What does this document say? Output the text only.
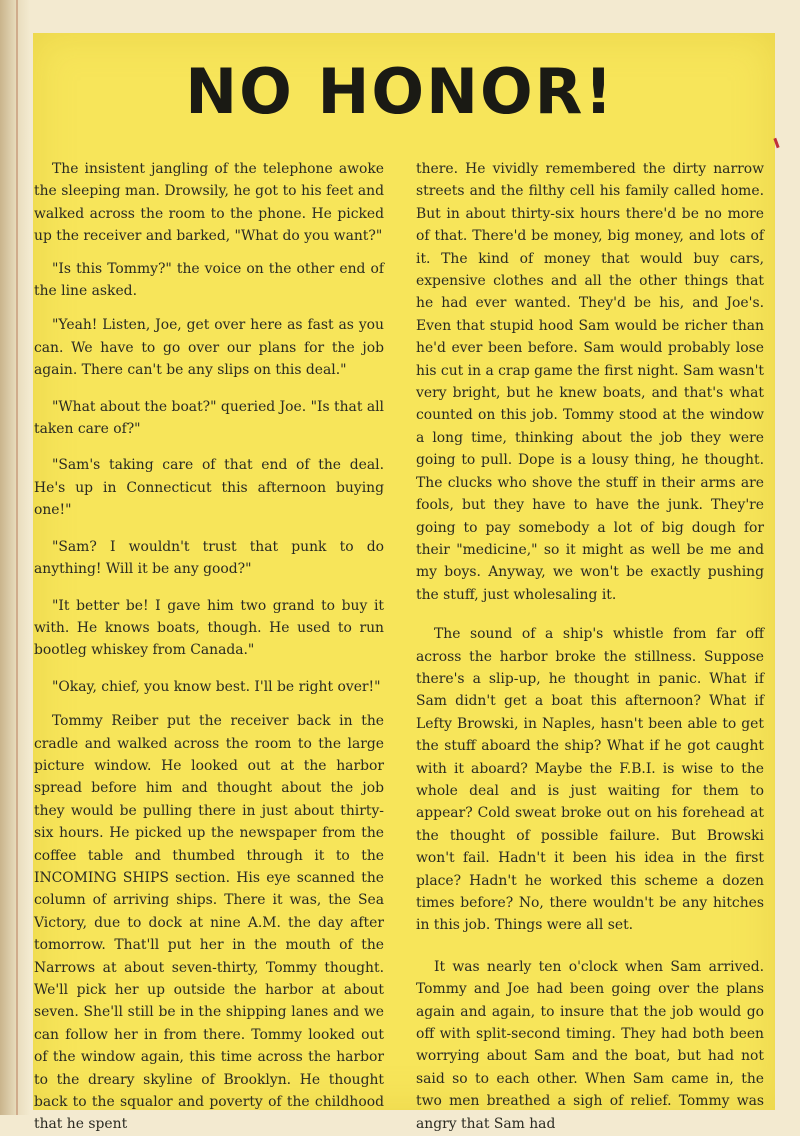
NO HONOR!

The insistent jangling of the telephone awoke the sleeping man. Drowsily, he got to his feet and walked across the room to the phone. He picked up the receiver and barked, "What do you want?"

"Is this Tommy?" the voice on the other end of the line asked.

"Yeah! Listen, Joe, get over here as fast as you can. We have to go over our plans for the job again. There can't be any slips on this deal."

"What about the boat?" queried Joe. "Is that all taken care of?"

"Sam's taking care of that end of the deal. He's up in Connecticut this afternoon buying one!"

"Sam? I wouldn't trust that punk to do anything! Will it be any good?"

"It better be! I gave him two grand to buy it with. He knows boats, though. He used to run bootleg whiskey from Canada."

"Okay, chief, you know best. I'll be right over!"

Tommy Reiber put the receiver back in the cradle and walked across the room to the large picture window. He looked out at the harbor spread before him and thought about the job they would be pulling there in just about thirty-six hours. He picked up the newspaper from the coffee table and thumbed through it to the INCOMING SHIPS section. His eye scanned the column of arriving ships. There it was, the Sea Victory, due to dock at nine A.M. the day after tomorrow. That'll put her in the mouth of the Narrows at about seven-thirty, Tommy thought. We'll pick her up outside the harbor at about seven. She'll still be in the shipping lanes and we can follow her in from there. Tommy looked out of the window again, this time across the harbor to the dreary skyline of Brooklyn. He thought back to the squalor and poverty of the childhood that he spent

there. He vividly remembered the dirty narrow streets and the filthy cell his family called home. But in about thirty-six hours there'd be no more of that. There'd be money, big money, and lots of it. The kind of money that would buy cars, expensive clothes and all the other things that he had ever wanted. They'd be his, and Joe's. Even that stupid hood Sam would be richer than he'd ever been before. Sam would probably lose his cut in a crap game the first night. Sam wasn't very bright, but he knew boats, and that's what counted on this job. Tommy stood at the window a long time, thinking about the job they were going to pull. Dope is a lousy thing, he thought. The clucks who shove the stuff in their arms are fools, but they have to have the junk. They're going to pay somebody a lot of big dough for their "medicine," so it might as well be me and my boys. Anyway, we won't be exactly pushing the stuff, just wholesaling it.

The sound of a ship's whistle from far off across the harbor broke the stillness. Suppose there's a slip-up, he thought in panic. What if Sam didn't get a boat this afternoon? What if Lefty Browski, in Naples, hasn't been able to get the stuff aboard the ship? What if he got caught with it aboard? Maybe the F.B.I. is wise to the whole deal and is just waiting for them to appear? Cold sweat broke out on his forehead at the thought of possible failure. But Browski won't fail. Hadn't it been his idea in the first place? Hadn't he worked this scheme a dozen times before? No, there wouldn't be any hitches in this job. Things were all set.

It was nearly ten o'clock when Sam arrived. Tommy and Joe had been going over the plans again and again, to insure that the job would go off with split-second timing. They had both been worrying about Sam and the boat, but had not said so to each other. When Sam came in, the two men breathed a sigh of relief. Tommy was angry that Sam had
